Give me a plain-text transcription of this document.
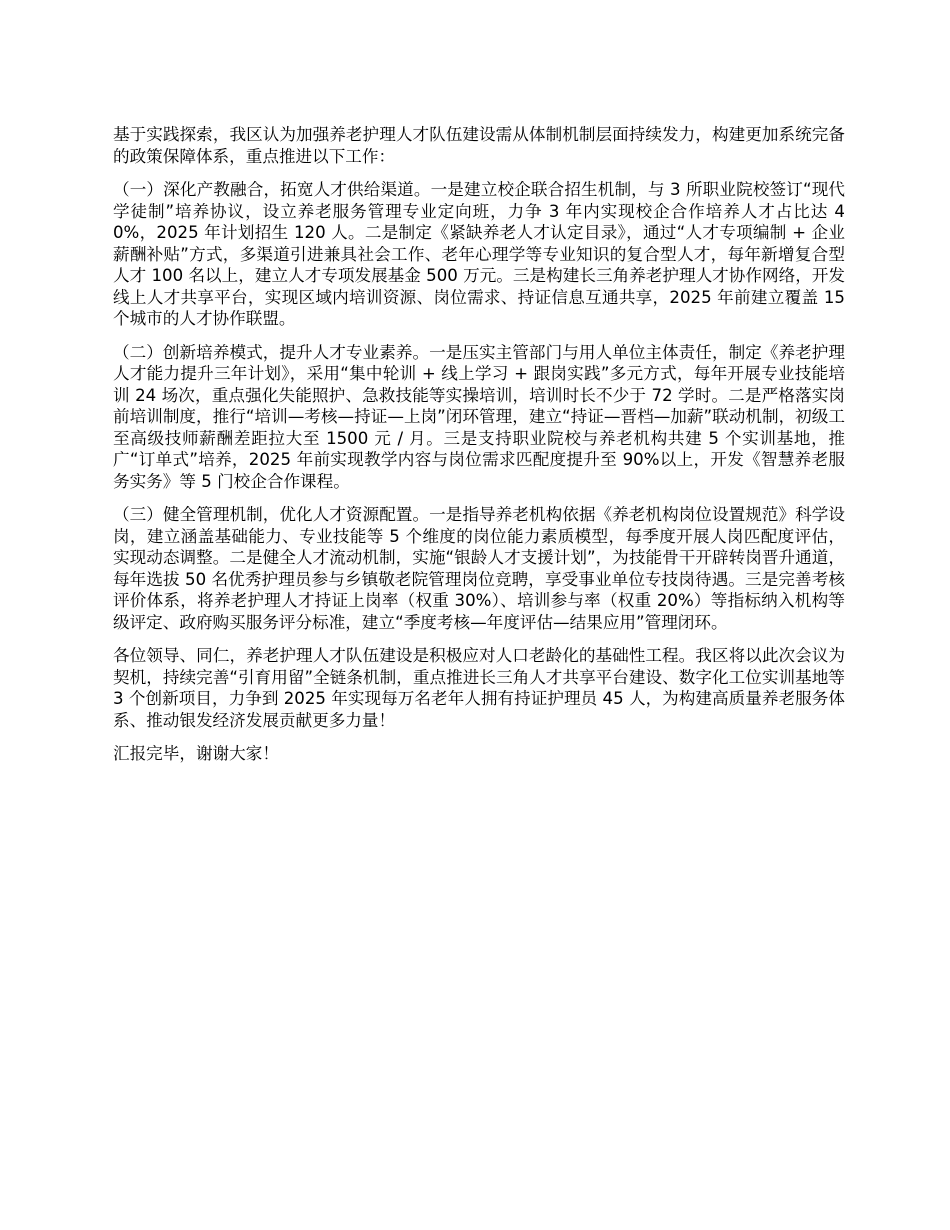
基于实践探索，我区认为加强养老护理人才队伍建设需从体制机制层面持续发力，构建更加系统完备的政策保障体系，重点推进以下工作：

（一）深化产教融合，拓宽人才供给渠道。一是建立校企联合招生机制，与 3 所职业院校签订“现代学徒制”培养协议，设立养老服务管理专业定向班，力争 3 年内实现校企合作培养人才占比达 40%，2025 年计划招生 120 人。二是制定《紧缺养老人才认定目录》，通过“人才专项编制 + 企业薪酬补贴”方式，多渠道引进兼具社会工作、老年心理学等专业知识的复合型人才，每年新增复合型人才 100 名以上，建立人才专项发展基金 500 万元。三是构建长三角养老护理人才协作网络，开发线上人才共享平台，实现区域内培训资源、岗位需求、持证信息互通共享，2025 年前建立覆盖 15 个城市的人才协作联盟。

（二）创新培养模式，提升人才专业素养。一是压实主管部门与用人单位主体责任，制定《养老护理人才能力提升三年计划》，采用“集中轮训 + 线上学习 + 跟岗实践”多元方式，每年开展专业技能培训 24 场次，重点强化失能照护、急救技能等实操培训，培训时长不少于 72 学时。二是严格落实岗前培训制度，推行“培训—考核—持证—上岗”闭环管理，建立“持证—晋档—加薪”联动机制，初级工至高级技师薪酬差距拉大至 1500 元 / 月。三是支持职业院校与养老机构共建 5 个实训基地，推广“订单式”培养，2025 年前实现教学内容与岗位需求匹配度提升至 90%以上，开发《智慧养老服务实务》等 5 门校企合作课程。

（三）健全管理机制，优化人才资源配置。一是指导养老机构依据《养老机构岗位设置规范》科学设岗，建立涵盖基础能力、专业技能等 5 个维度的岗位能力素质模型，每季度开展人岗匹配度评估，实现动态调整。二是健全人才流动机制，实施“银龄人才支援计划”，为技能骨干开辟转岗晋升通道，每年选拔 50 名优秀护理员参与乡镇敬老院管理岗位竞聘，享受事业单位专技岗待遇。三是完善考核评价体系，将养老护理人才持证上岗率（权重 30%）、培训参与率（权重 20%）等指标纳入机构等级评定、政府购买服务评分标准，建立“季度考核—年度评估—结果应用”管理闭环。

各位领导、同仁，养老护理人才队伍建设是积极应对人口老龄化的基础性工程。我区将以此次会议为契机，持续完善“引育用留”全链条机制，重点推进长三角人才共享平台建设、数字化工位实训基地等 3 个创新项目，力争到 2025 年实现每万名老年人拥有持证护理员 45 人，为构建高质量养老服务体系、推动银发经济发展贡献更多力量！

汇报完毕，谢谢大家！
